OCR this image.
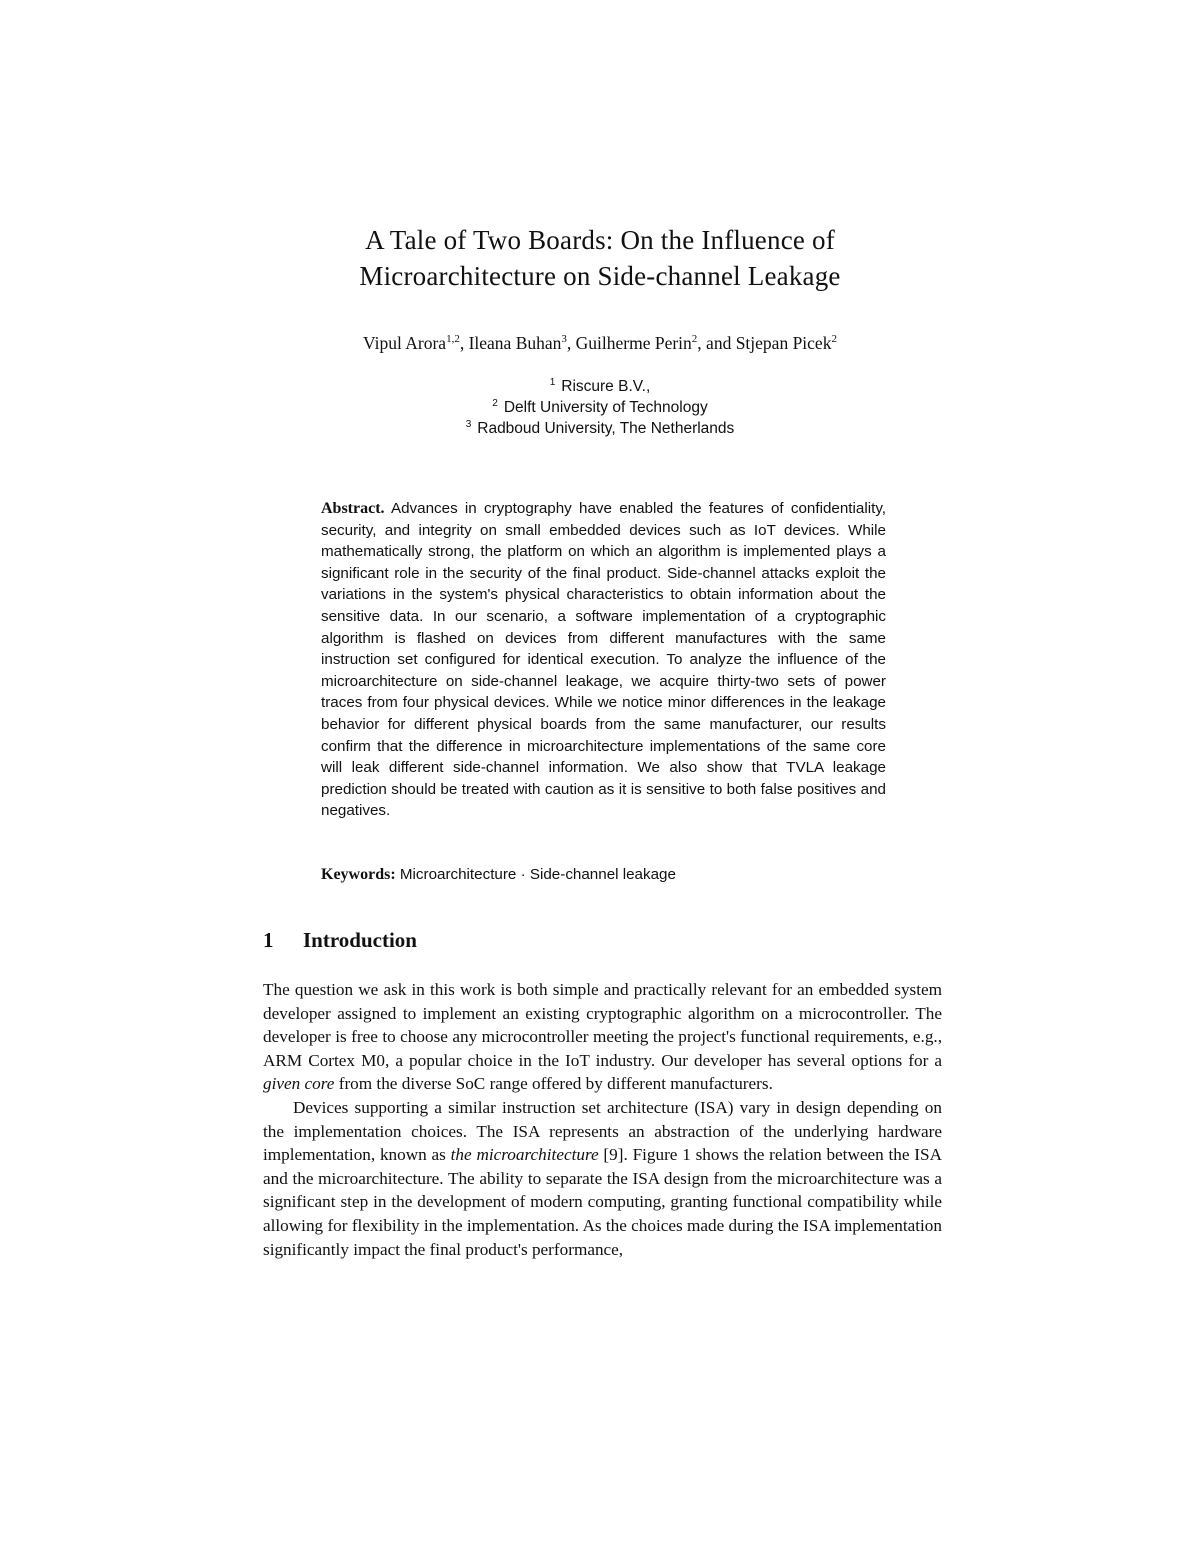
A Tale of Two Boards: On the Influence of
Microarchitecture on Side-channel Leakage
Vipul Arora$^{1,2}$, Ileana Buhan$^3$, Guilherme Perin$^2$, and Stjepan Picek$^2$
$^1$ Riscure B.V.,
$^2$ Delft University of Technology
$^3$ Radboud University, The Netherlands
Abstract. Advances in cryptography have enabled the features of confidentiality, security, and integrity on small embedded devices such as IoT devices. While mathematically strong, the platform on which an algorithm is implemented plays a significant role in the security of the final product. Side-channel attacks exploit the variations in the system's physical characteristics to obtain information about the sensitive data. In our scenario, a software implementation of a cryptographic algorithm is flashed on devices from different manufactures with the same instruction set configured for identical execution. To analyze the influence of the microarchitecture on side-channel leakage, we acquire thirty-two sets of power traces from four physical devices. While we notice minor differences in the leakage behavior for different physical boards from the same manufacturer, our results confirm that the difference in microarchitecture implementations of the same core will leak different side-channel information. We also show that TVLA leakage prediction should be treated with caution as it is sensitive to both false positives and negatives.
Keywords: Microarchitecture · Side-channel leakage
1 Introduction

The question we ask in this work is both simple and practically relevant for an embedded system developer assigned to implement an existing cryptographic algorithm on a microcontroller. The developer is free to choose any microcontroller meeting the project's functional requirements, e.g., ARM Cortex M0, a popular choice in the IoT industry. Our developer has several options for a given core from the diverse SoC range offered by different manufacturers.

Devices supporting a similar instruction set architecture (ISA) vary in design depending on the implementation choices. The ISA represents an abstraction of the underlying hardware implementation, known as the microarchitecture [9]. Figure 1 shows the relation between the ISA and the microarchitecture. The ability to separate the ISA design from the microarchitecture was a significant step in the development of modern computing, granting functional compatibility while allowing for flexibility in the implementation. As the choices made during the ISA implementation significantly impact the final product's performance,
